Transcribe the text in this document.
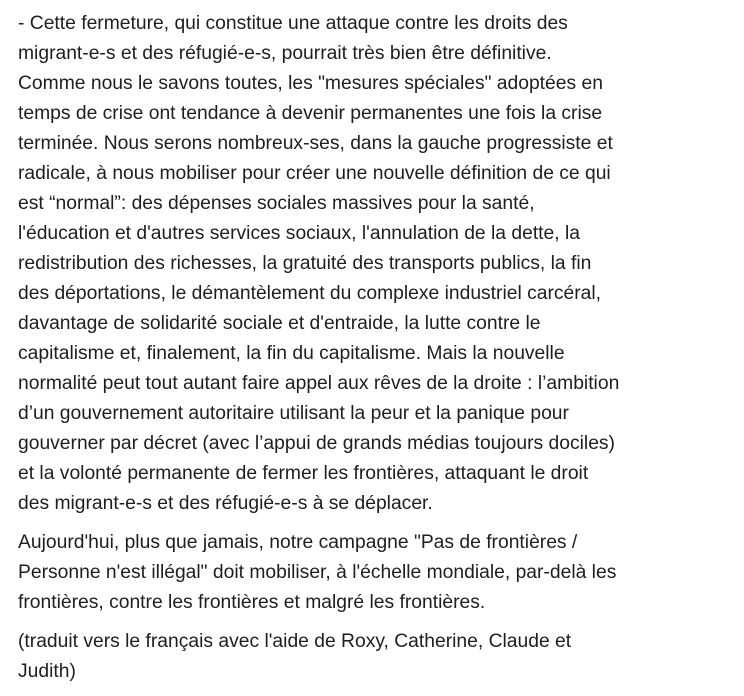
- Cette fermeture, qui constitue une attaque contre les droits des
migrant-e-s et des réfugié-e-s, pourrait très bien être définitive.
Comme nous le savons toutes, les "mesures spéciales" adoptées en
temps de crise ont tendance à devenir permanentes une fois la crise
terminée. Nous serons nombreux-ses, dans la gauche progressiste et
radicale, à nous mobiliser pour créer une nouvelle définition de ce qui
est “normal”: des dépenses sociales massives pour la santé,
l'éducation et d'autres services sociaux, l'annulation de la dette, la
redistribution des richesses, la gratuité des transports publics, la fin
des déportations, le démantèlement du complexe industriel carcéral,
davantage de solidarité sociale et d'entraide, la lutte contre le
capitalisme et, finalement, la fin du capitalisme. Mais la nouvelle
normalité peut tout autant faire appel aux rêves de la droite : l’ambition
d’un gouvernement autoritaire utilisant la peur et la panique pour
gouverner par décret (avec l’appui de grands médias toujours dociles)
et la volonté permanente de fermer les frontières, attaquant le droit
des migrant-e-s et des réfugié-e-s à se déplacer.

Aujourd'hui, plus que jamais, notre campagne "Pas de frontières /
Personne n'est illégal" doit mobiliser, à l'échelle mondiale, par-delà les
frontières, contre les frontières et malgré les frontières.

(traduit vers le français avec l'aide de Roxy, Catherine, Claude et
Judith)
